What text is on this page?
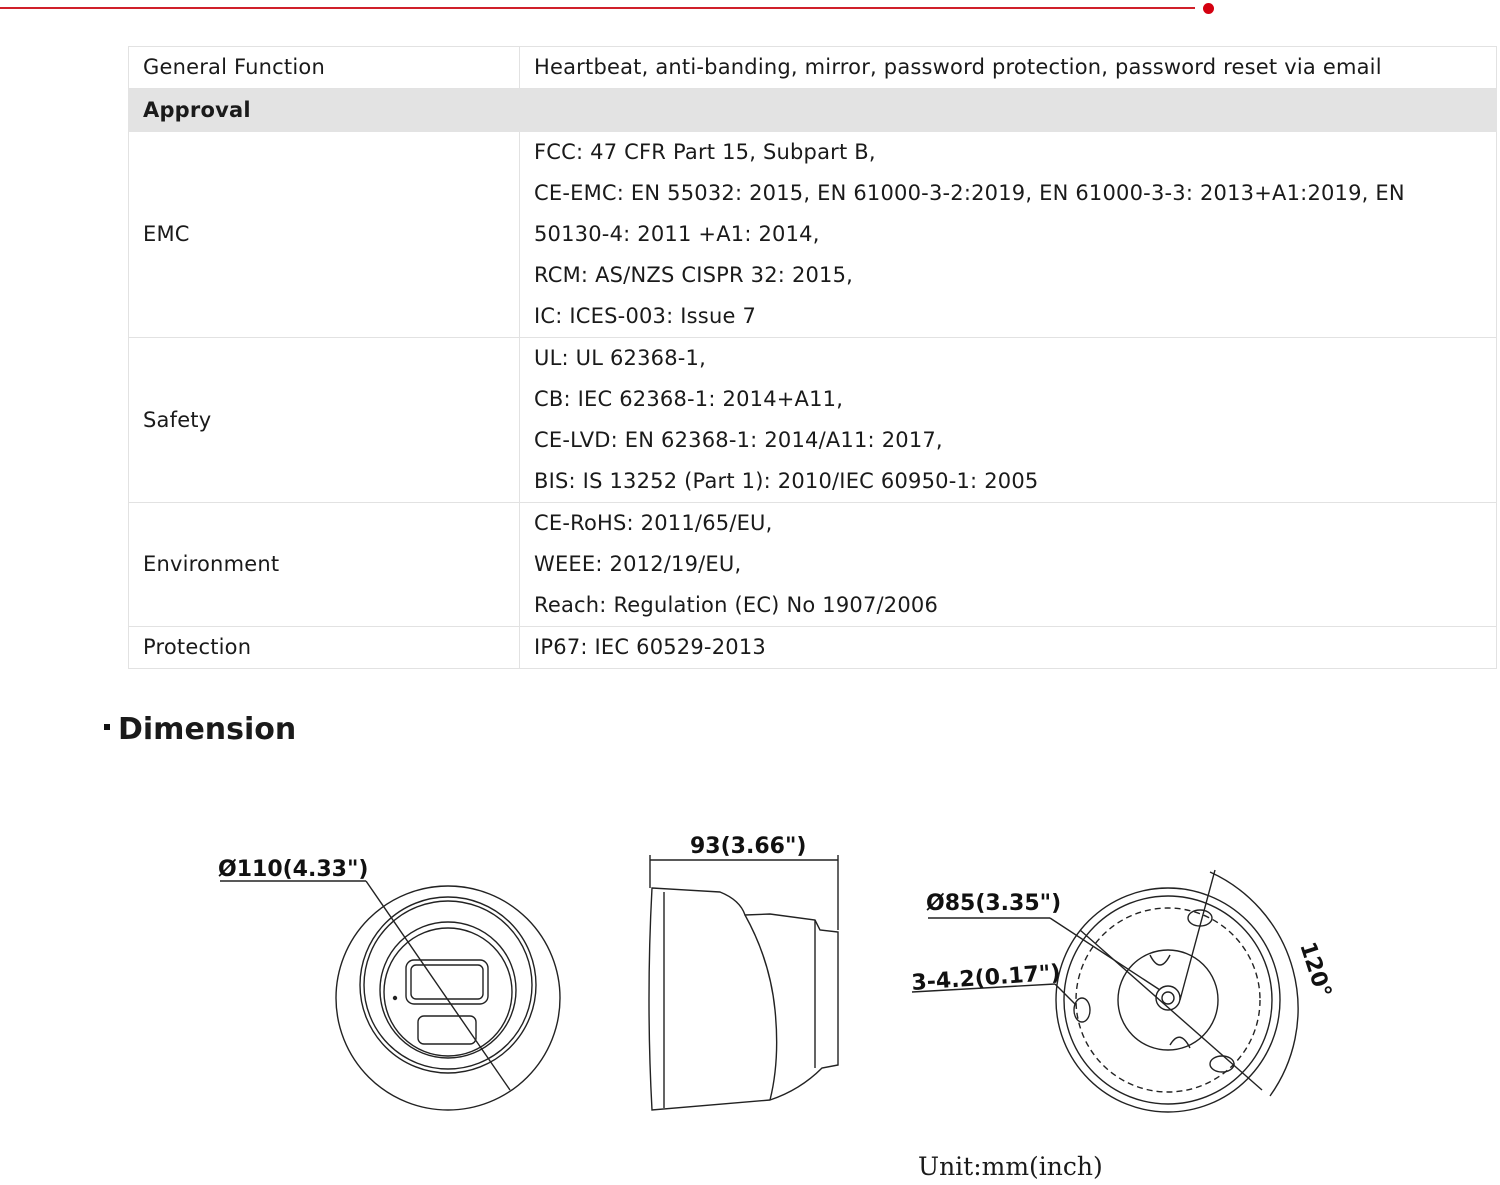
General Function	Heartbeat, anti-banding, mirror, password protection, password reset via email

Approval	
EMC	FCC: 47 CFR Part 15, Subpart B,
CE-EMC: EN 55032: 2015, EN 61000-3-2:2019, EN 61000-3-3: 2013+A1:2019, EN
50130-4: 2011 +A1: 2014,
RCM: AS/NZS CISPR 32: 2015,
IC: ICES-003: Issue 7

Safety	UL: UL 62368-1,
CB: IEC 62368-1: 2014+A11,
CE-LVD: EN 62368-1: 2014/A11: 2017,
BIS: IS 13252 (Part 1): 2010/IEC 60950-1: 2005

Environment	CE-RoHS: 2011/65/EU,
WEEE: 2012/19/EU,
Reach: Regulation (EC) No 1907/2006

Protection	IP67: IEC 60529-2013
Dimension
Ø110(4.33")
93(3.66")
Ø85(3.35")
3-4.2(0.17")	120°
Unit:mm(inch)
